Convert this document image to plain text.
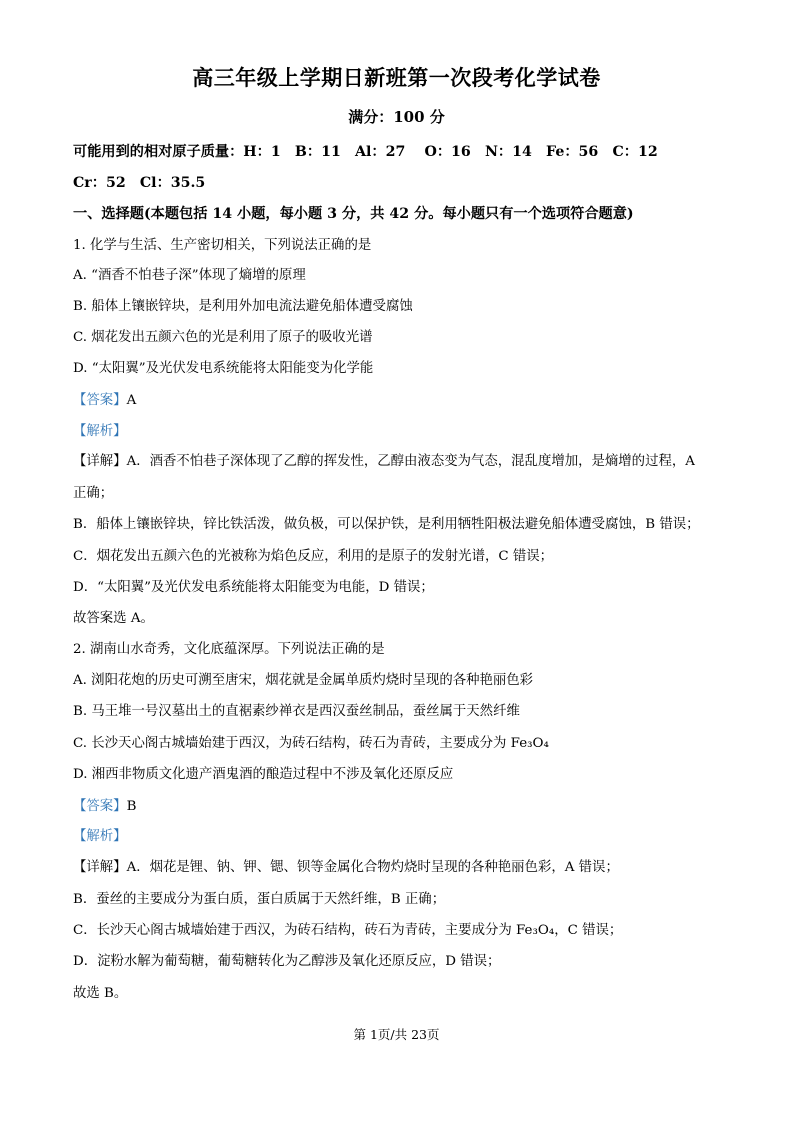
高三年级上学期日新班第一次段考化学试卷
满分：100 分
可能用到的相对原子质量：H：1　B：11　Al：27　 O：16　N：14　Fe：56　C：12
Cr：52　Cl：35.5
一、选择题(本题包括 14 小题，每小题 3 分，共 42 分。每小题只有一个选项符合题意)
1. 化学与生活、生产密切相关，下列说法正确的是
A. “酒香不怕巷子深”体现了熵增的原理
B. 船体上镶嵌锌块，是利用外加电流法避免船体遭受腐蚀
C. 烟花发出五颜六色的光是利用了原子的吸收光谱
D. “太阳翼”及光伏发电系统能将太阳能变为化学能
【答案】A
【解析】
【详解】A．酒香不怕巷子深体现了乙醇的挥发性，乙醇由液态变为气态，混乱度增加，是熵增的过程，A
正确；
B．船体上镶嵌锌块，锌比铁活泼，做负极，可以保护铁，是利用牺牲阳极法避免船体遭受腐蚀，B 错误；
C．烟花发出五颜六色的光被称为焰色反应，利用的是原子的发射光谱，C 错误；
D．“太阳翼”及光伏发电系统能将太阳能变为电能，D 错误；
故答案选 A。
2. 湖南山水奇秀，文化底蕴深厚。下列说法正确的是
A. 浏阳花炮的历史可溯至唐宋，烟花就是金属单质灼烧时呈现的各种艳丽色彩
B. 马王堆一号汉墓出土的直裾素纱禅衣是西汉蚕丝制品，蚕丝属于天然纤维
C. 长沙天心阁古城墙始建于西汉，为砖石结构，砖石为青砖，主要成分为 Fe₃O₄
D. 湘西非物质文化遗产酒鬼酒的酿造过程中不涉及氧化还原反应
【答案】B
【解析】
【详解】A．烟花是锂、钠、钾、锶、钡等金属化合物灼烧时呈现的各种艳丽色彩，A 错误；
B．蚕丝的主要成分为蛋白质，蛋白质属于天然纤维，B 正确；
C．长沙天心阁古城墙始建于西汉，为砖石结构，砖石为青砖，主要成分为 Fe₃O₄，C 错误；
D．淀粉水解为葡萄糖，葡萄糖转化为乙醇涉及氧化还原反应，D 错误；
故选 B。
第 1页/共 23页
